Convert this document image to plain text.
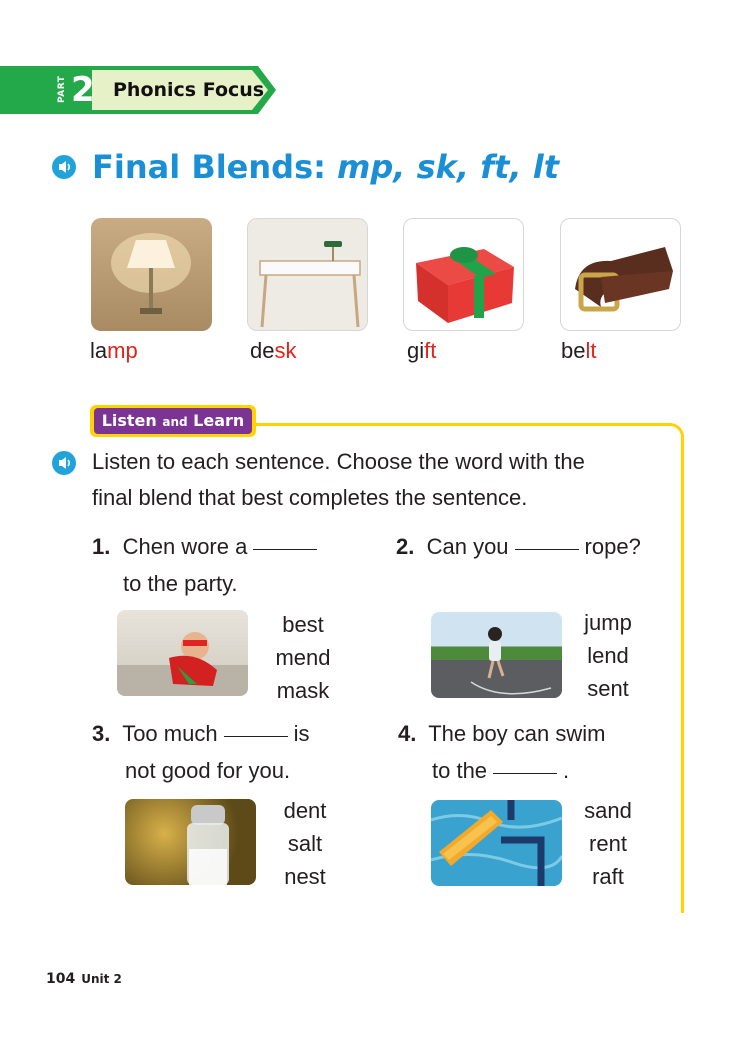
PART 2 Phonics Focus
Final Blends: mp, sk, ft, lt
lamp	desk	gift	belt
Listen and Learn
Listen to each sentence. Choose the word with the
final blend that best completes the sentence.
1. Chen wore a
to the party.
best
mend
mask
2. Can you	rope?
jump
lend
sent
3. Too much	is
not good for you.
dent
salt
nest
4. The boy can swim
to the	.
sand
rent
raft
104 Unit 2
